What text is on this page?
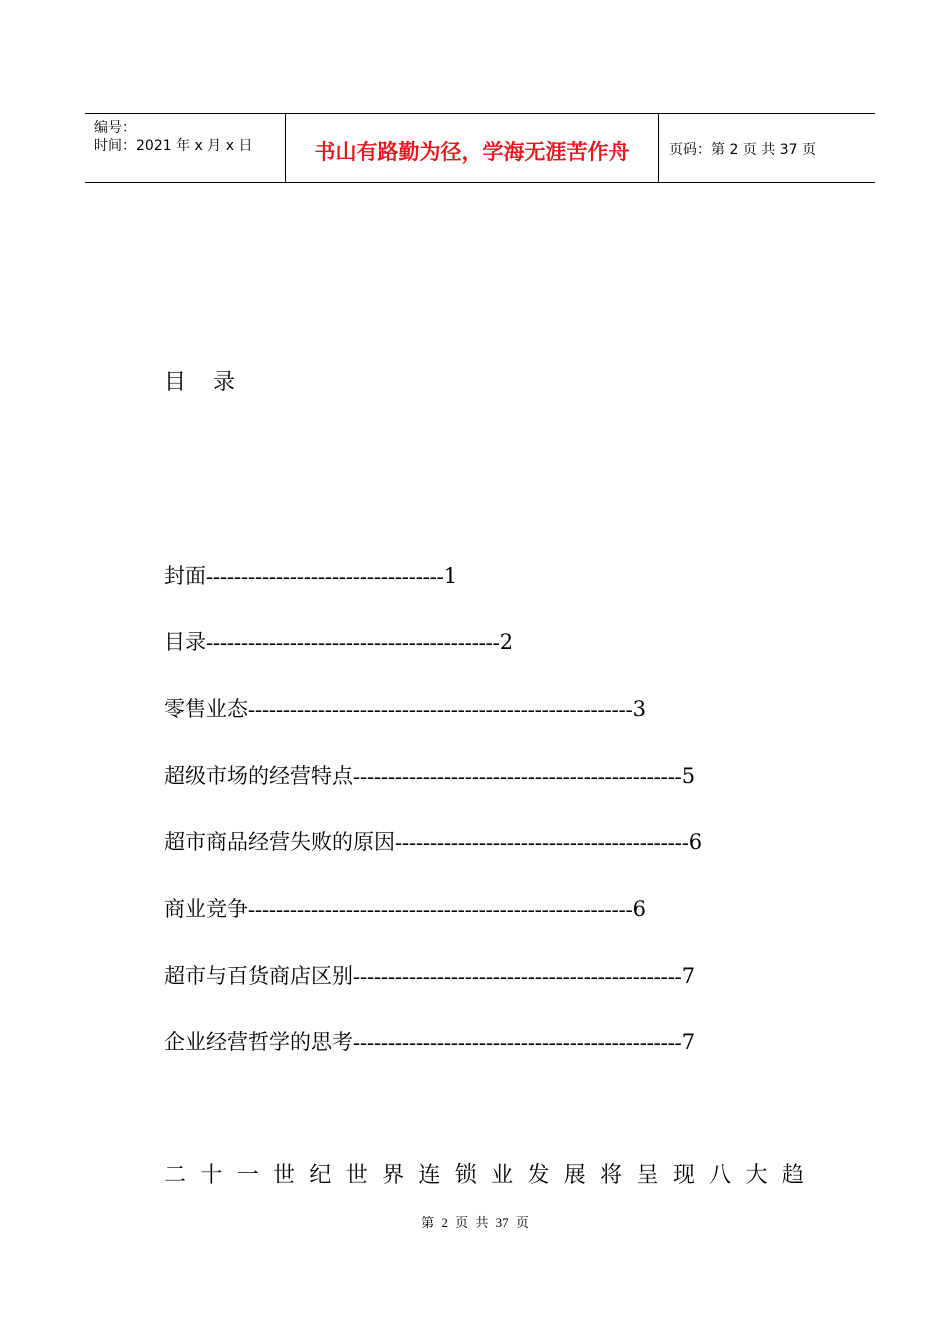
编号：
时间：2021 年 x 月 x 日	书山有路勤为径，学海无涯苦作舟	页码：第 2 页 共 37 页
目 录
封面 ---------------------------------- 1
目录 ------------------------------------------ 2
零售业态 ------------------------------------------------------- 3
超级市场的经营特点 ----------------------------------------------- 5
超市商品经营失败的原因 ------------------------------------------ 6
商业竞争 ------------------------------------------------------- 6
超市与百货商店区别 ----------------------------------------------- 7
企业经营哲学的思考 ----------------------------------------------- 7
二 十 一 世 纪 世 界 连 锁 业 发 展 将 呈 现 八 大 趋
第 2 页 共 37 页
